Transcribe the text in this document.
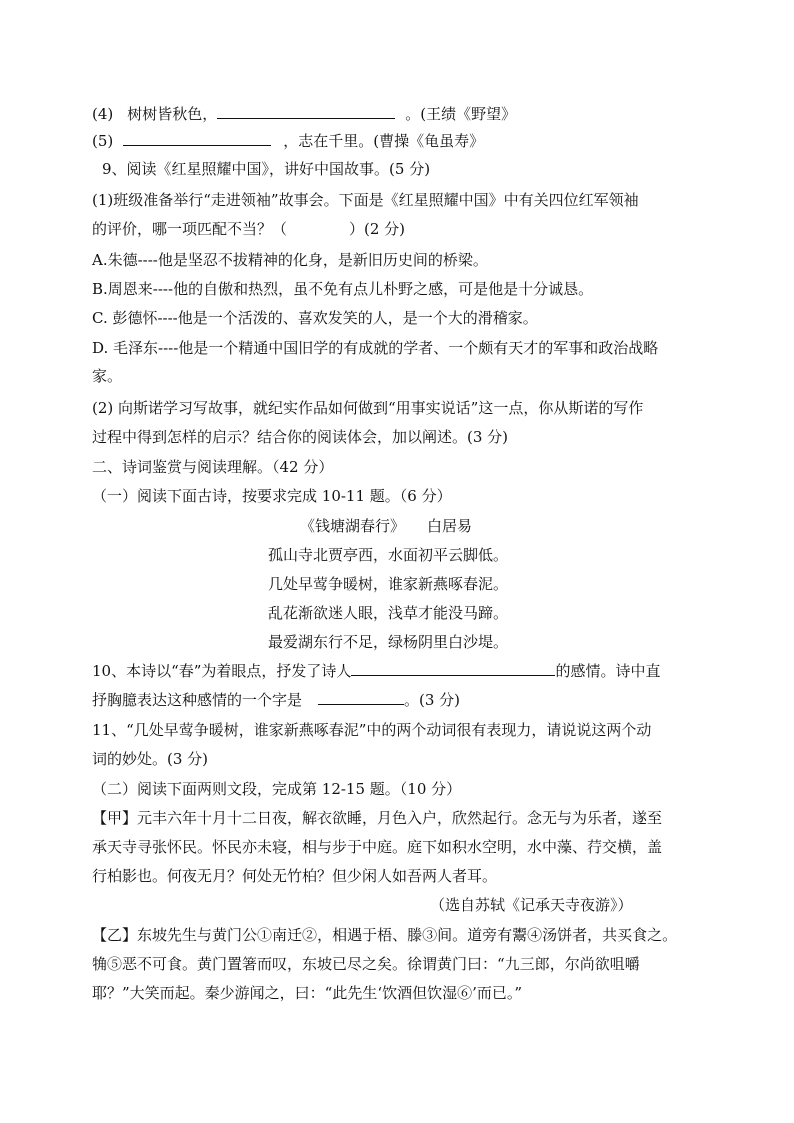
(4) 树树皆秋色，	。(王绩《野望》
(5)	，志在千里。(曹操《龟虽寿》
9、阅读《红星照耀中国》，讲好中国故事。(5 分)
(1)班级准备举行“走进领袖”故事会。下面是《红星照耀中国》中有关四位红军领袖
的评价，哪一项匹配不当？（	）(2 分)
A.朱德----他是坚忍不拔精神的化身，是新旧历史间的桥梁。
B.周恩来----他的自傲和热烈，虽不免有点儿朴野之感，可是他是十分诚恳。
C. 彭德怀----他是一个活泼的、喜欢发笑的人，是一个大的滑稽家。
D. 毛泽东----他是一个精通中国旧学的有成就的学者、一个颇有天才的军事和政治战略
家。
(2) 向斯诺学习写故事，就纪实作品如何做到“用事实说话”这一点，你从斯诺的写作
过程中得到怎样的启示？结合你的阅读体会，加以阐述。(3 分)
二、诗词鉴赏与阅读理解。（42 分）
（一）阅读下面古诗，按要求完成 10-11 题。（6 分）
《钱塘湖春行》 白居易
孤山寺北贾亭西，水面初平云脚低。
几处早莺争暖树，谁家新燕啄春泥。
乱花渐欲迷人眼，浅草才能没马蹄。
最爱湖东行不足，绿杨阴里白沙堤。
10、本诗以“春”为着眼点，抒发了诗人	的感情。诗中直
抒胸臆表达这种感情的一个字是	。(3 分)
11、“几处早莺争暖树，谁家新燕啄春泥”中的两个动词很有表现力，请说说这两个动
词的妙处。(3 分)
（二）阅读下面两则文段，完成第 12-15 题。（10 分）
【甲】元丰六年十月十二日夜，解衣欲睡，月色入户，欣然起行。念无与为乐者，遂至
承天寺寻张怀民。怀民亦未寝，相与步于中庭。庭下如积水空明，水中藻、荇交横，盖
行柏影也。何夜无月？何处无竹柏？但少闲人如吾两人者耳。
（选自苏轼《记承天寺夜游》）
【乙】东坡先生与黄门公①南迁②，相遇于梧、滕③间。道旁有鬻④汤饼者，共买食之。
觕⑤恶不可食。黄门置箸而叹，东坡已尽之矣。徐谓黄门曰：“九三郎，尔尚欲咀嚼
耶？”大笑而起。秦少游闻之，曰：“此先生‘饮酒但饮湿⑥’而已。”
